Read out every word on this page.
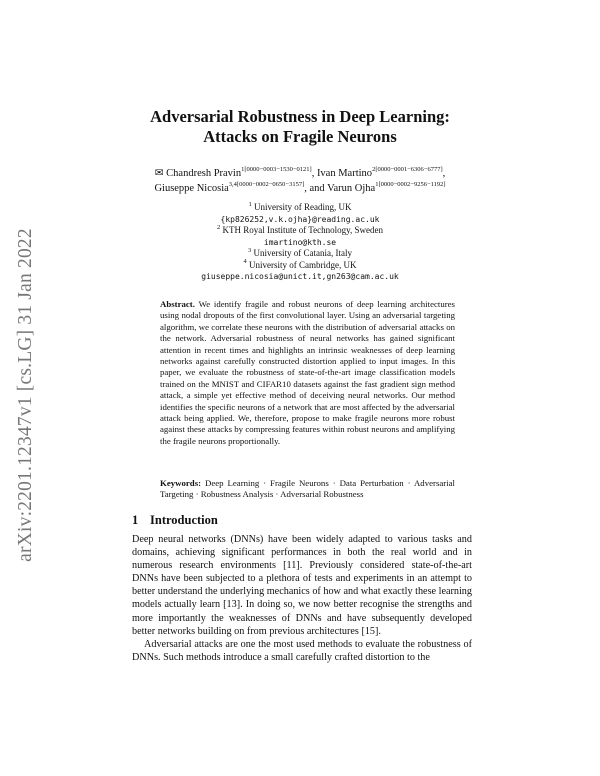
arXiv:2201.12347v1 [cs.LG] 31 Jan 2022
Adversarial Robustness in Deep Learning:
Attacks on Fragile Neurons
✉ Chandresh Pravin$^{1[0000-0003-1530-0121]}$, Ivan Martino$^{2[0000-0001-6306-6777]}$,
Giuseppe Nicosia$^{3,4[0000-0002-0650-3157]}$, and Varun Ojha$^{1[0000-0002-9256-1192]}$
$^1$ University of Reading, UK
{kp826252,v.k.ojha}@reading.ac.uk
$^2$ KTH Royal Institute of Technology, Sweden
imartino@kth.se
$^3$ University of Catania, Italy
$^4$ University of Cambridge, UK
giuseppe.nicosia@unict.it,gn263@cam.ac.uk

Abstract. We identify fragile and robust neurons of deep learning architectures using nodal dropouts of the first convolutional layer. Using an adversarial targeting algorithm, we correlate these neurons with the distribution of adversarial attacks on the network. Adversarial robustness of neural networks has gained significant attention in recent times and highlights an intrinsic weaknesses of deep learning networks against carefully constructed distortion applied to input images. In this paper, we evaluate the robustness of state-of-the-art image classification models trained on the MNIST and CIFAR10 datasets against the fast gradient sign method attack, a simple yet effective method of deceiving neural networks. Our method identifies the specific neurons of a network that are most affected by the adversarial attack being applied. We, therefore, propose to make fragile neurons more robust against these attacks by compressing features within robust neurons and amplifying the fragile neurons proportionally.

Keywords: Deep Learning · Fragile Neurons · Data Perturbation · Adversarial Targeting · Robustness Analysis · Adversarial Robustness

1 Introduction

Deep neural networks (DNNs) have been widely adapted to various tasks and domains, achieving significant performances in both the real world and in numerous research environments [11]. Previously considered state-of-the-art DNNs have been subjected to a plethora of tests and experiments in an attempt to better understand the underlying mechanics of how and what exactly these learning models actually learn [13]. In doing so, we now better recognise the strengths and more importantly the weaknesses of DNNs and have subsequently developed better networks building on from previous architectures [15].

Adversarial attacks are one the most used methods to evaluate the robustness of DNNs. Such methods introduce a small carefully crafted distortion to the
